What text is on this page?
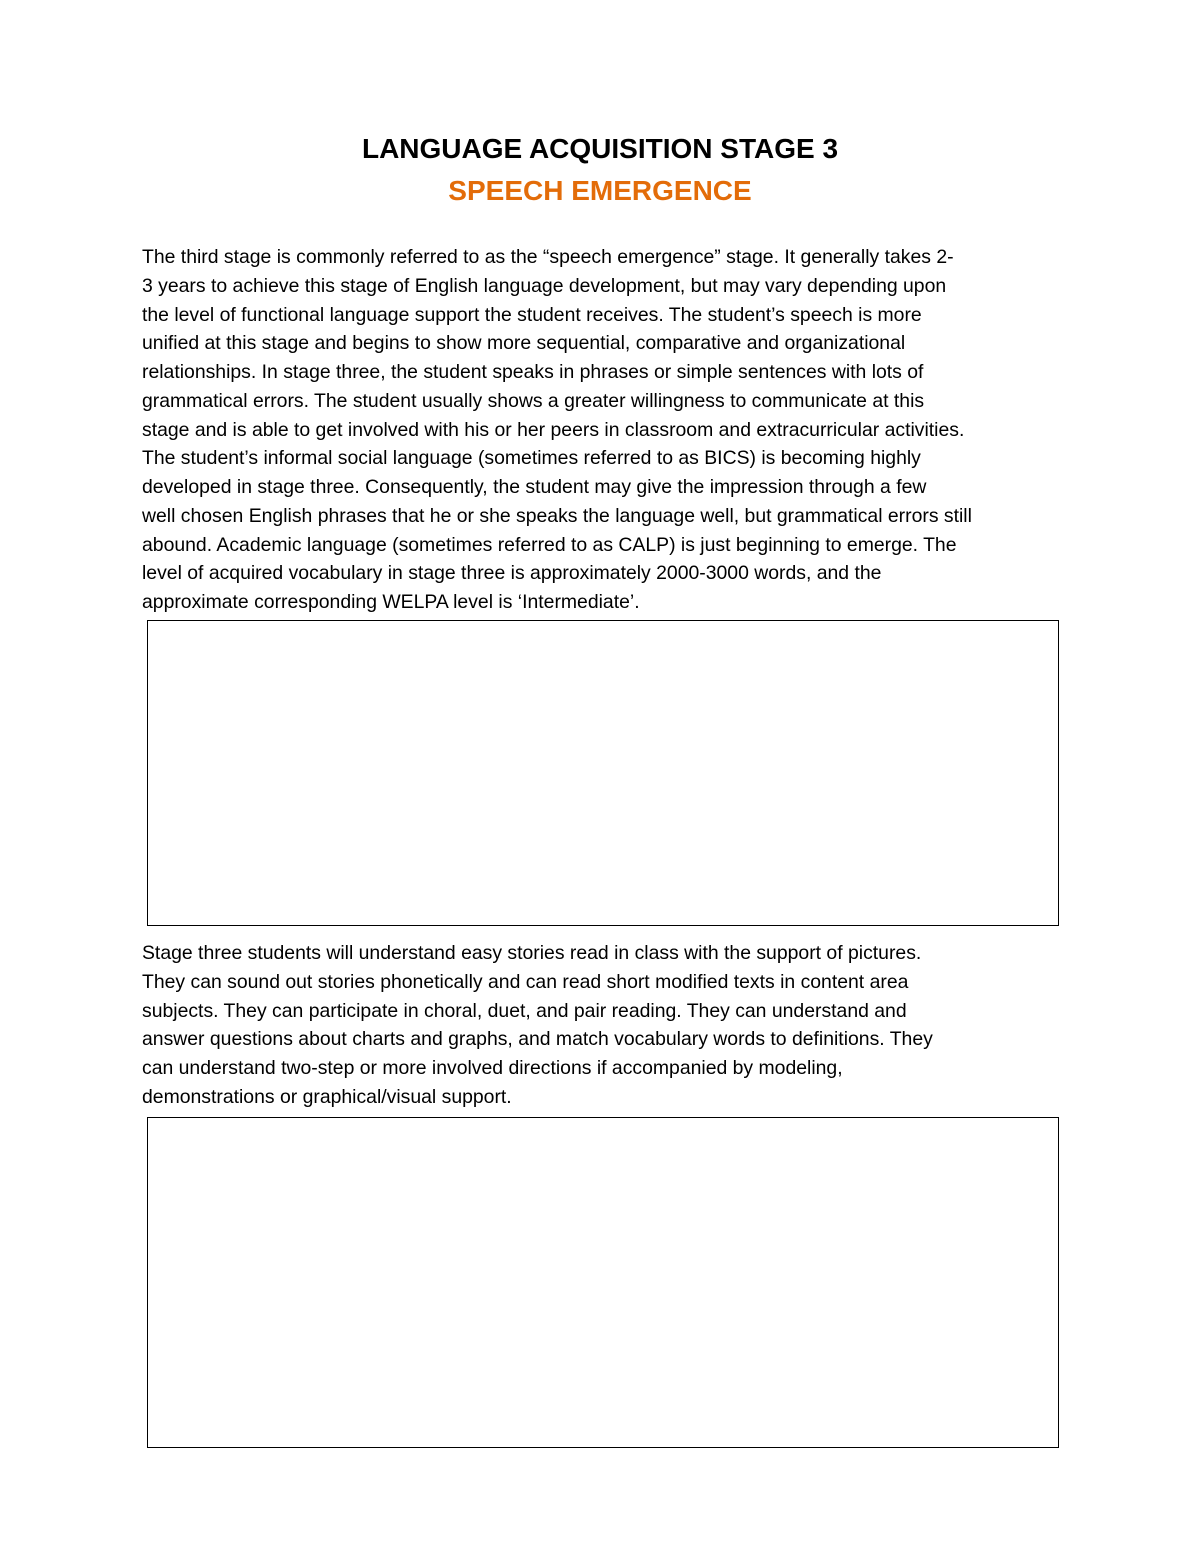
LANGUAGE ACQUISITION STAGE 3
SPEECH EMERGENCE
The third stage is commonly referred to as the “speech emergence” stage. It generally takes 2-
3 years to achieve this stage of English language development, but may vary depending upon
the level of functional language support the student receives. The student’s speech is more
unified at this stage and begins to show more sequential, comparative and organizational
relationships. In stage three, the student speaks in phrases or simple sentences with lots of
grammatical errors. The student usually shows a greater willingness to communicate at this
stage and is able to get involved with his or her peers in classroom and extracurricular activities.
The student’s informal social language (sometimes referred to as BICS) is becoming highly
developed in stage three. Consequently, the student may give the impression through a few
well chosen English phrases that he or she speaks the language well, but grammatical errors still
abound. Academic language (sometimes referred to as CALP) is just beginning to emerge. The
level of acquired vocabulary in stage three is approximately 2000-3000 words, and the
approximate corresponding WELPA level is ‘Intermediate’.
Stage three students will understand easy stories read in class with the support of pictures.
They can sound out stories phonetically and can read short modified texts in content area
subjects. They can participate in choral, duet, and pair reading. They can understand and
answer questions about charts and graphs, and match vocabulary words to definitions. They
can understand two-step or more involved directions if accompanied by modeling,
demonstrations or graphical/visual support.
